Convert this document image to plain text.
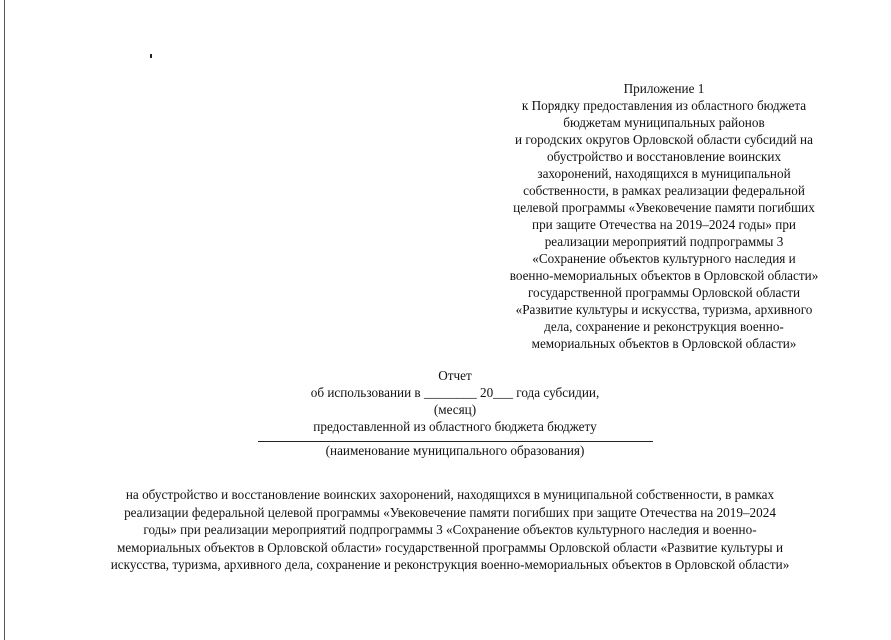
Приложение 1
к Порядку предоставления из областного бюджета
бюджетам муниципальных районов
и городских округов Орловской области субсидий на
обустройство и восстановление воинских
захоронений, находящихся в муниципальной
собственности, в рамках реализации федеральной
целевой программы «Увековечение памяти погибших
при защите Отечества на 2019–2024 годы» при
реализации мероприятий подпрограммы 3
«Сохранение объектов культурного наследия и
военно-мемориальных объектов в Орловской области»
государственной программы Орловской области
«Развитие культуры и искусства, туризма, архивного
дела, сохранение и реконструкция военно-
мемориальных объектов в Орловской области»
Отчет
об использовании в ________ 20___ года субсидии,
(месяц)
предоставленной из областного бюджета бюджету
(наименование муниципального образования)
на обустройство и восстановление воинских захоронений, находящихся в муниципальной собственности, в рамках
реализации федеральной целевой программы «Увековечение памяти погибших при защите Отечества на 2019–2024
годы» при реализации мероприятий подпрограммы 3 «Сохранение объектов культурного наследия и военно-
мемориальных объектов в Орловской области» государственной программы Орловской области «Развитие культуры и
искусства, туризма, архивного дела, сохранение и реконструкция военно-мемориальных объектов в Орловской области»
